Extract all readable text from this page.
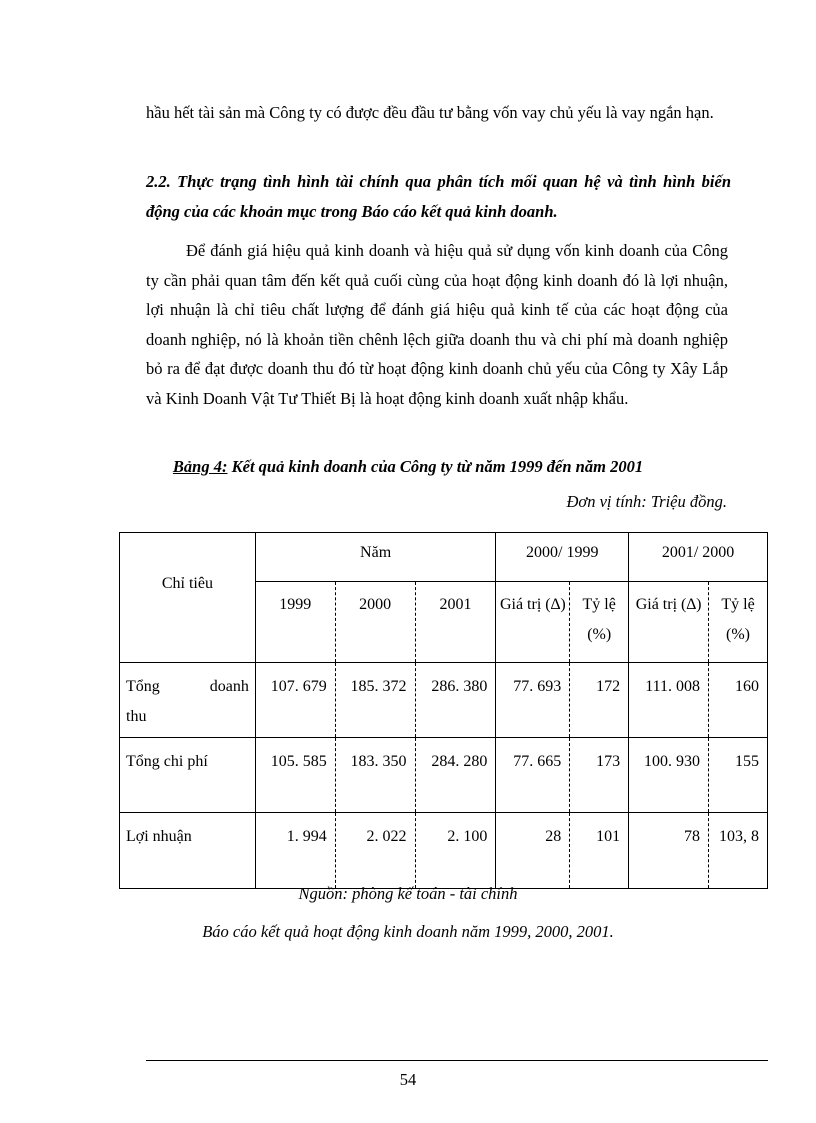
hầu hết tài sản mà Công ty có được đều đầu tư bằng vốn vay chủ yếu là vay ngắn hạn.
2.2. Thực trạng tình hình tài chính qua phân tích mối quan hệ và tình hình biến động của các khoản mục trong Báo cáo kết quả kinh doanh.
Để đánh giá hiệu quả kinh doanh và hiệu quả sử dụng vốn kinh doanh của Công ty cần phải quan tâm đến kết quả cuối cùng của hoạt động kinh doanh đó là lợi nhuận, lợi nhuận là chỉ tiêu chất lượng để đánh giá hiệu quả kinh tế của các hoạt động của doanh nghiệp, nó là khoản tiền chênh lệch giữa doanh thu và chi phí mà doanh nghiệp bỏ ra để đạt được doanh thu đó từ hoạt động kinh doanh chủ yếu của Công ty Xây Lắp và Kinh Doanh Vật Tư Thiết Bị là hoạt động kinh doanh xuất nhập khẩu.
Bảng 4: Kết quả kinh doanh của Công ty từ năm 1999 đến năm 2001
Đơn vị tính: Triệu đồng.
Chỉ tiêu	Năm			2000/ 1999		2001/ 2000	
	1999	2000	2001	Giá trị (∆)	Tỷ lệ (%)	Giá trị (∆)	Tỷ lệ (%)

Tổng doanh
thu	107. 679	185. 372	286. 380	77. 693	172	111. 008	160
Tổng chi phí	105. 585	183. 350	284. 280	77. 665	173	100. 930	155
Lợi nhuận	1. 994	2. 022	2. 100	28	101	78	103, 8
Nguồn: phòng kế toán - tài chính
Báo cáo kết quả hoạt động kinh doanh năm 1999, 2000, 2001.
54
